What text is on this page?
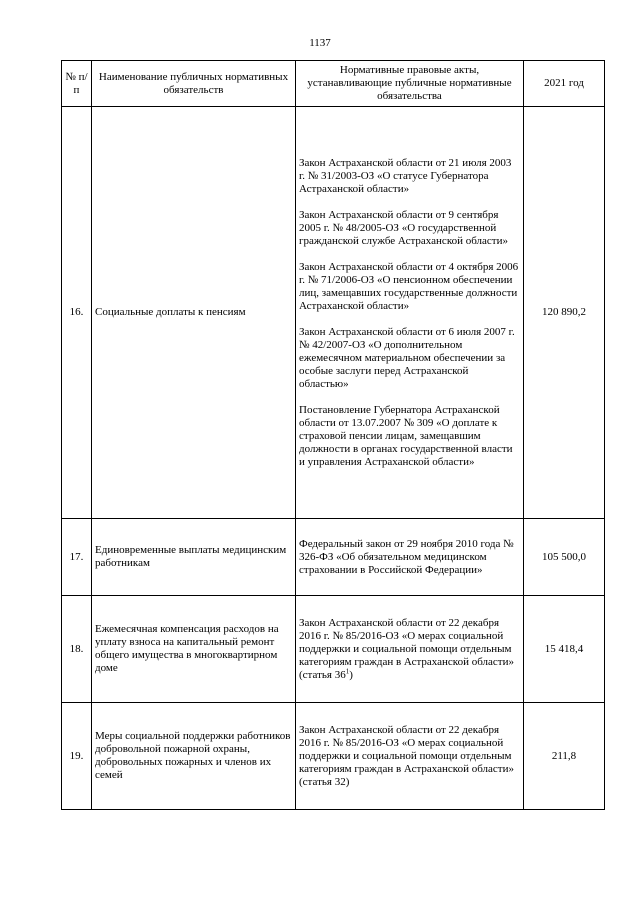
1137
№ п/п	Наименование публичных нормативных обязательств	Нормативные правовые акты, устанавливающие публичные нормативные обязательства	2021 год
16.	Социальные доплаты к пенсиям	Закон Астраханской области от 21 июля 2003 г. № 31/2003-ОЗ «О статусе Губернатора Астраханской области»
Закон Астраханской области от 9 сентября 2005 г. № 48/2005-ОЗ «О государственной гражданской службе Астраханской области»
Закон Астраханской области от 4 октября 2006 г. № 71/2006-ОЗ «О пенсионном обеспечении лиц, замещавших государственные должности Астраханской области»
Закон Астраханской области от 6 июля 2007 г. № 42/2007-ОЗ «О дополнительном ежемесячном материальном обеспечении за особые заслуги перед Астраханской областью»
Постановление Губернатора Астраханской области от 13.07.2007 № 309 «О доплате к страховой пенсии лицам, замещавшим должности в органах государственной власти и управления Астраханской области»	120 890,2
17.	Единовременные выплаты медицинским работникам	Федеральный закон от 29 ноября 2010 года № 326-ФЗ «Об обязательном медицинском страховании в Российской Федерации»	105 500,0
18.	Ежемесячная компенсация расходов на уплату взноса на капитальный ремонт общего имущества в многоквартирном доме	Закон Астраханской области от 22 декабря 2016 г. № 85/2016-ОЗ «О мерах социальной поддержки и социальной помощи отдельным категориям граждан в Астраханской области» (статья $36^1$)	15 418,4
19.	Меры социальной поддержки работников добровольной пожарной охраны, добровольных пожарных и членов их семей	Закон Астраханской области от 22 декабря 2016 г. № 85/2016-ОЗ «О мерах социальной поддержки и социальной помощи отдельным категориям граждан в Астраханской области» (статья 32)	211,8
